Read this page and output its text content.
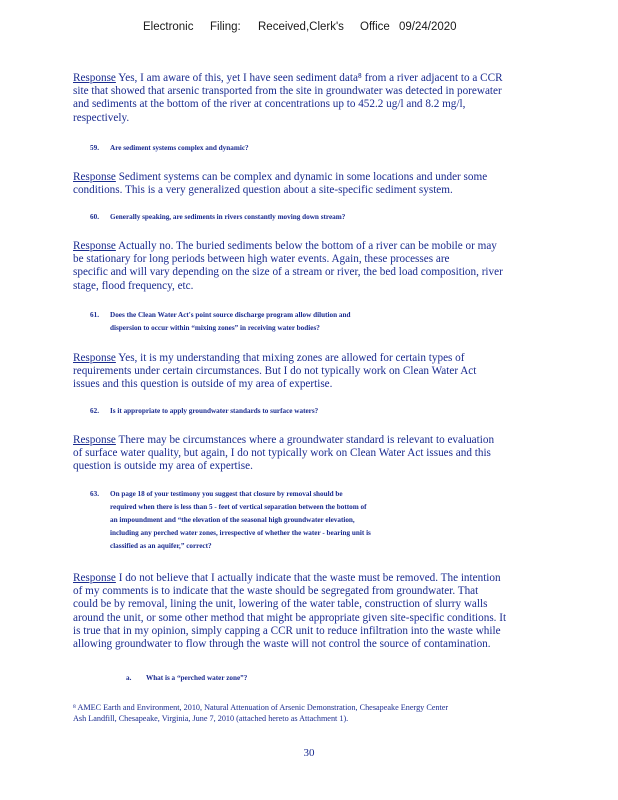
Electronic Filing: Received,Clerk's Office 09/24/2020
Response Yes, I am aware of this, yet I have seen sediment data⁸ from a river adjacent to a CCR
site that showed that arsenic transported from the site in groundwater was detected in porewater
and sediments at the bottom of the river at concentrations up to 452.2 ug/l and 8.2 mg/l,
respectively.
59. Are sediment systems complex and dynamic?
Response Sediment systems can be complex and dynamic in some locations and under some
conditions. This is a very generalized question about a site-specific sediment system.
60. Generally speaking, are sediments in rivers constantly moving down stream?
Response Actually no. The buried sediments below the bottom of a river can be mobile or may
be stationary for long periods between high water events. Again, these processes are
specific and will vary depending on the size of a stream or river, the bed load composition, river
stage, flood frequency, etc.
61. Does the Clean Water Act's point source discharge program allow dilution and
dispersion to occur within “mixing zones” in receiving water bodies?
Response Yes, it is my understanding that mixing zones are allowed for certain types of
requirements under certain circumstances. But I do not typically work on Clean Water Act
issues and this question is outside of my area of expertise.
62. Is it appropriate to apply groundwater standards to surface waters?
Response There may be circumstances where a groundwater standard is relevant to evaluation
of surface water quality, but again, I do not typically work on Clean Water Act issues and this
question is outside my area of expertise.
63. On page 18 of your testimony you suggest that closure by removal should be
required when there is less than 5 - feet of vertical separation between the bottom of
an impoundment and “the elevation of the seasonal high groundwater elevation,
including any perched water zones, irrespective of whether the water - bearing unit is
classified as an aquifer,” correct?
Response I do not believe that I actually indicate that the waste must be removed. The intention
of my comments is to indicate that the waste should be segregated from groundwater. That
could be by removal, lining the unit, lowering of the water table, construction of slurry walls
around the unit, or some other method that might be appropriate given site-specific conditions. It
is true that in my opinion, simply capping a CCR unit to reduce infiltration into the waste while
allowing groundwater to flow through the waste will not control the source of contamination.
a. What is a “perched water zone”?
⁸ AMEC Earth and Environment, 2010, Natural Attenuation of Arsenic Demonstration, Chesapeake Energy Center
Ash Landfill, Chesapeake, Virginia, June 7, 2010 (attached hereto as Attachment 1).
30
